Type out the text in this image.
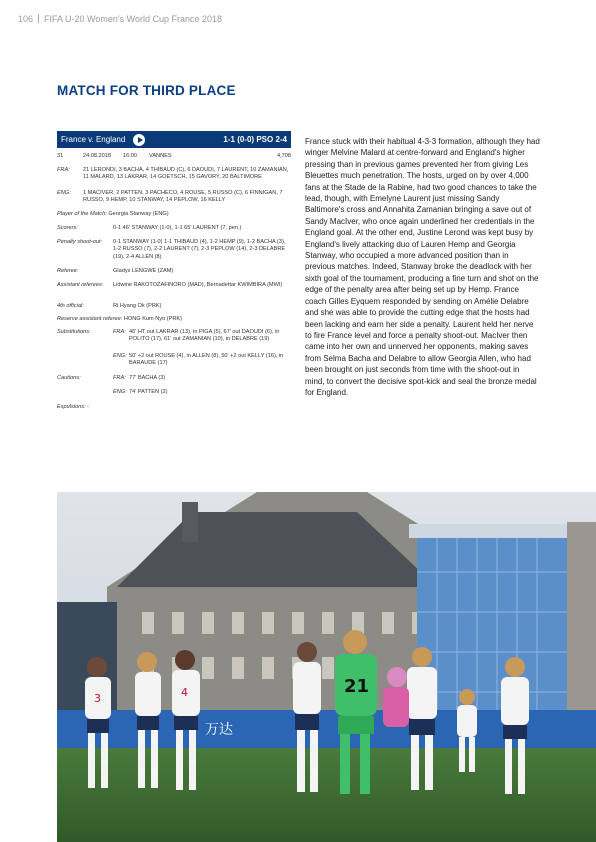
106 FIFA U-20 Women's World Cup France 2018
MATCH FOR THIRD PLACE
France v. England	1-1 (0-0) PSO 2-4
31	24.08.2018 16:00 VANNES	4,708
FRA: 21 LERONDI, 3 BACHA, 4 THIBAUD (C), 6 DAOUDI, 7 LAURENT, 10 ZAMANIAN, 11 MALARD, 13 LAKRAR, 14 GOETSCH, 15 GAVORY, 20 BALTIMORE
ENG: 1 MACIVER, 2 PATTEN, 3 PACHECO, 4 ROUSE, 5 RUSSO (C), 6 FINNIGAN, 7 RUSSO, 9 HEMP, 10 STANWAY, 14 PEPLOW, 16 KELLY
Player of the Match: Georgia Stanway (ENG)
Scorers:	0-1 46' STANWAY (1-0), 1-1 65' LAURENT (7, pen.)
Penalty shoot-out: 0-1 STANWAY (1-0) 1-1 THIBAUD (4), 1-2 HEMP (9), 1-2 BACHA (3), 1-2 RUSSO (7), 2-2 LAURENT (7), 2-3 PEPLOW (14), 2-3 DELABRE (19), 2-4 ALLEN (8)
Referee:	Gladys LENGWE (ZAM)
Assistant referees: Lidwine RAKOTOZAFINORO (MAD), Bernadettar KWIMBIRA (MWI)
4th official:	Ri Hyang Ok (PRK)
Reserve assistant referee: HONG Kum Nyo (PRK)
Substitutions:	FRA: 46' HT out LAKRAR (13), in PIGA (5), 67' out DAOUDI (6), in POLITO (17), 61' out ZAMANIAN (10), in DELABRE (19)
ENG: 50' +2 out ROUSE (4), in ALLEN (8), 50' +2 out KELLY (16), in BARAUDE (17)
Cautions:	FRA: 77' BACHA (3)
ENG: 74' PATTEN (2)
Expulsions: -

France stuck with their habitual 4-3-3 formation, although they had winger Melvine Malard at centre-forward and England's higher pressing than in previous games prevented her from giving Les Bleuettes much penetration. The hosts, urged on by over 4,000 fans at the Stade de la Rabine, had two good chances to take the lead, though, with Emelyne Laurent just missing Sandy Baltimore's cross and Annahita Zamanian bringing a save out of Sandy MacIver, who once again underlined her credentials in the England goal. At the other end, Justine Lerond was kept busy by England's lively attacking duo of Lauren Hemp and Georgia Stanway, who occupied a more advanced position than in previous matches. Indeed, Stanway broke the deadlock with her sixth goal of the tournament, producing a fine turn and shot on the edge of the penalty area after being set up by Hemp. France coach Gilles Eyquem responded by sending on Amélie Delabre and she was able to provide the cutting edge that the hosts had been lacking and earn her side a penalty. Laurent held her nerve to fire France level and force a penalty shoot-out. MacIver then came into her own and unnerved her opponents, making saves from Selma Bacha and Delabre to allow Georgia Allen, who had been brought on just seconds from time with the shoot-out in mind, to convert the decisive spot-kick and seal the bronze medal for England.

万达
3	4	21
